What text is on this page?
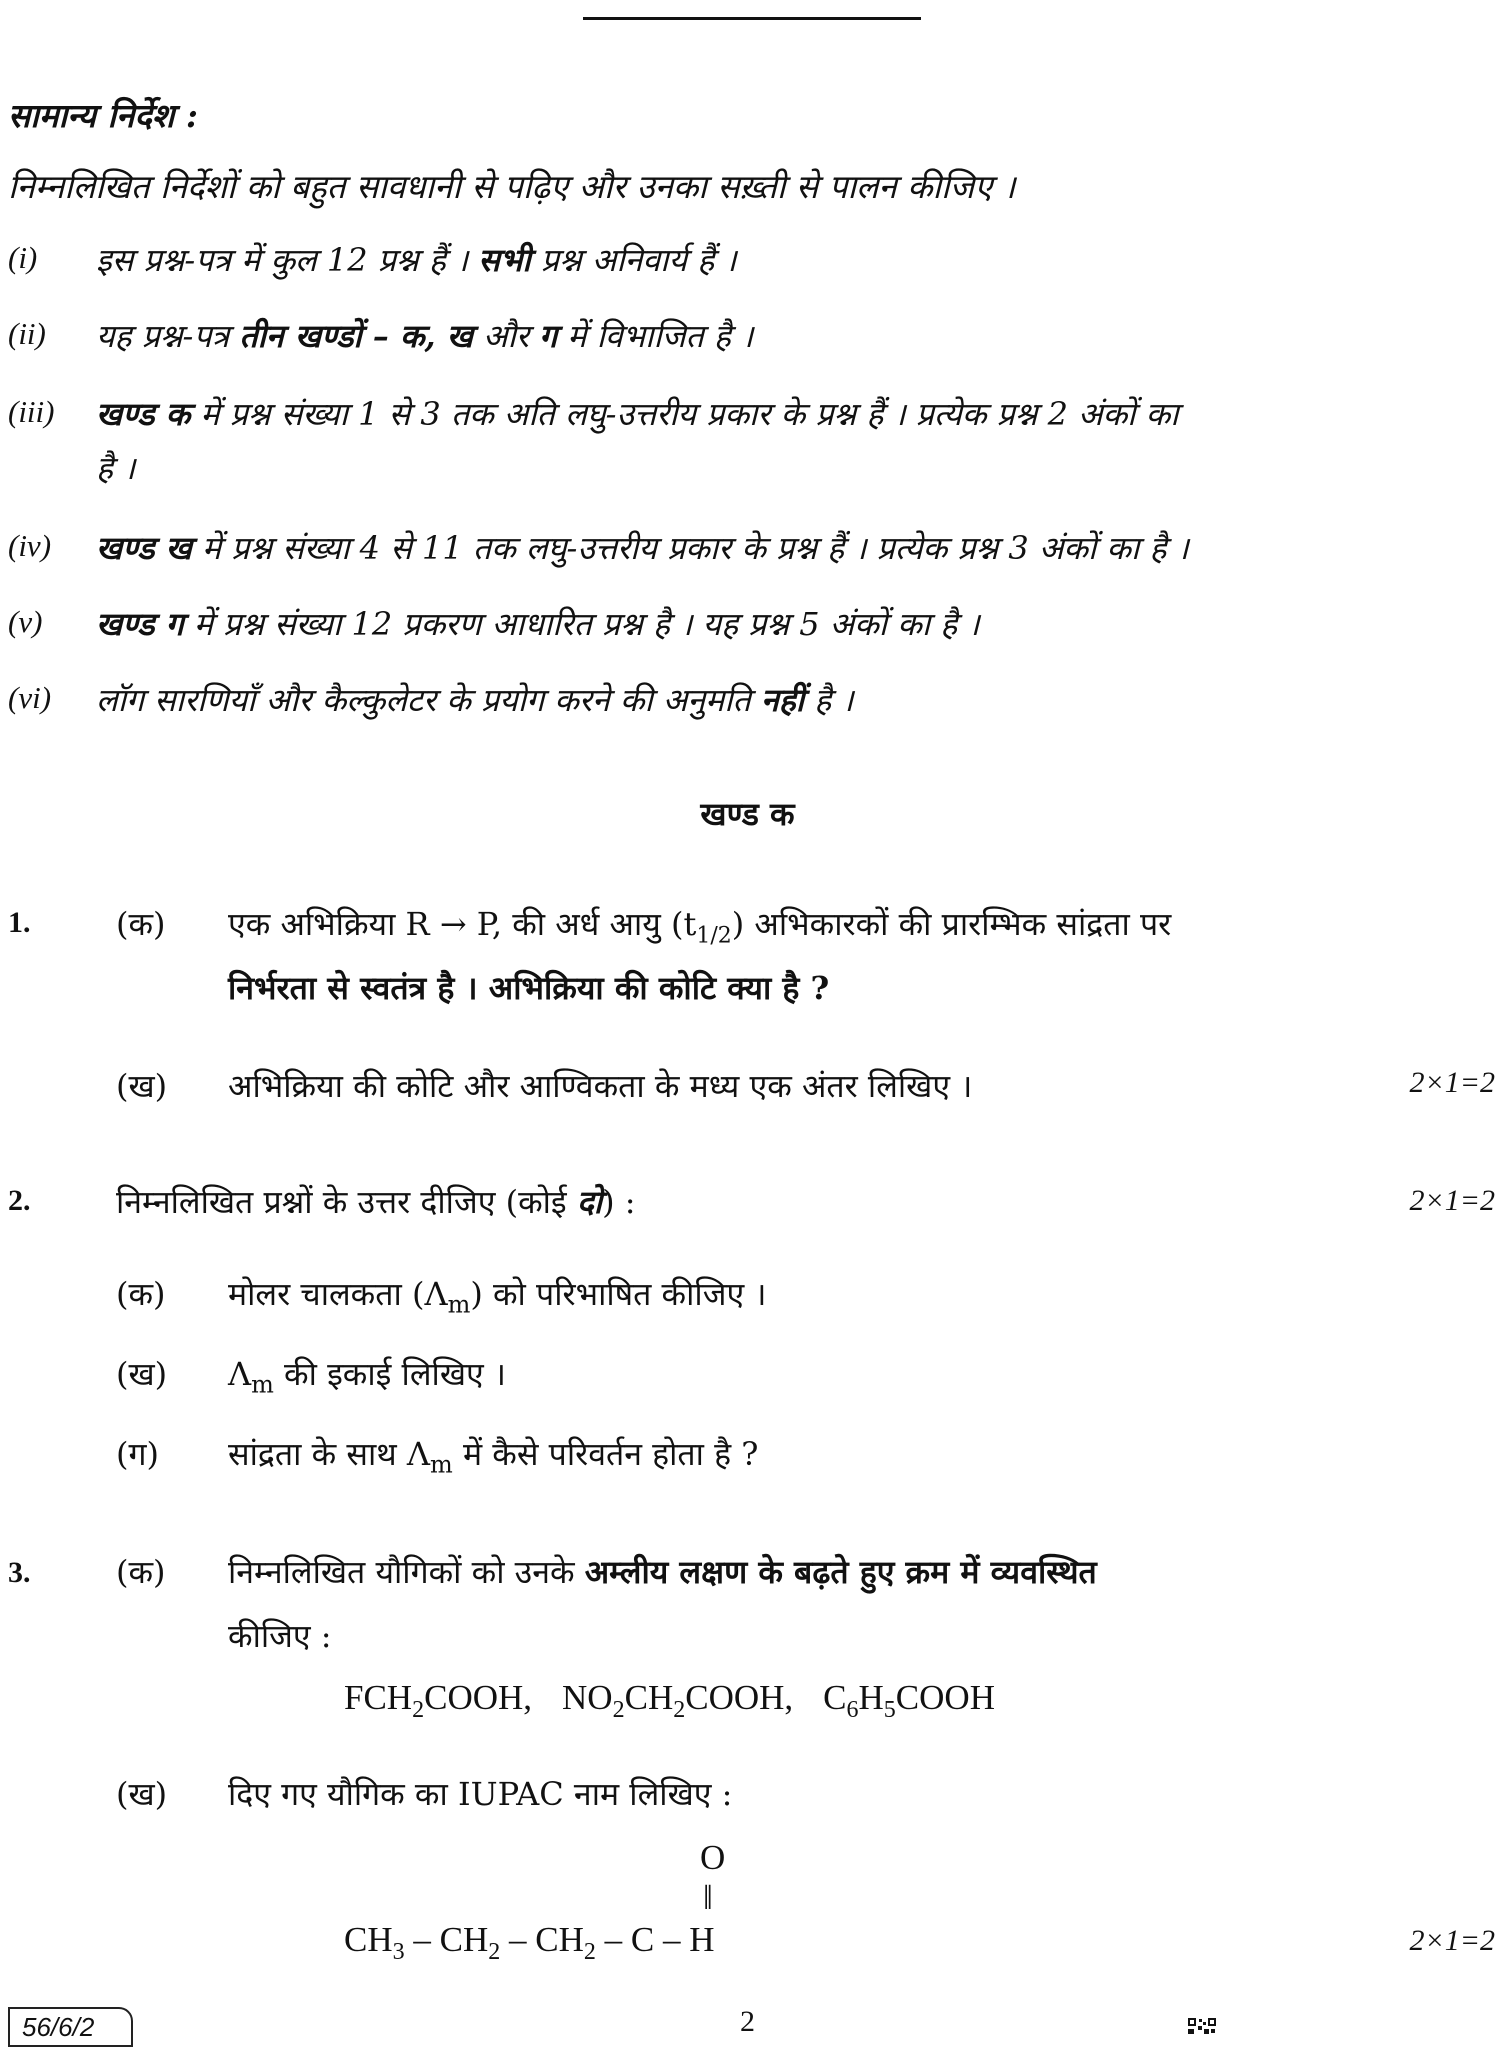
सामान्य निर्देश :
निम्नलिखित निर्देशों को बहुत सावधानी से पढ़िए और उनका सख़्ती से पालन कीजिए ।
(i) इस प्रश्न-पत्र में कुल 12 प्रश्न हैं । सभी प्रश्न अनिवार्य हैं ।
(ii) यह प्रश्न-पत्र तीन खण्डों – क, ख और ग में विभाजित है ।
(iii) खण्ड क में प्रश्न संख्या 1 से 3 तक अति लघु-उत्तरीय प्रकार के प्रश्न हैं । प्रत्येक प्रश्न 2 अंकों का
है ।
(iv) खण्ड ख में प्रश्न संख्या 4 से 11 तक लघु-उत्तरीय प्रकार के प्रश्न हैं । प्रत्येक प्रश्न 3 अंकों का है ।
(v) खण्ड ग में प्रश्न संख्या 12 प्रकरण आधारित प्रश्न है । यह प्रश्न 5 अंकों का है ।
(vi) लॉग सारणियाँ और कैल्कुलेटर के प्रयोग करने की अनुमति नहीं है ।
खण्ड क
1.	(क) एक अभिक्रिया R → P, की अर्ध आयु $(t_{1/2})$ अभिकारकों की प्रारम्भिक सांद्रता पर
निर्भरता से स्वतंत्र है । अभिक्रिया की कोटि क्या है ?
(ख) अभिक्रिया की कोटि और आण्विकता के मध्य एक अंतर लिखिए ।	2×1=2
2.	निम्नलिखित प्रश्नों के उत्तर दीजिए (कोई दो) :	2×1=2
(क) मोलर चालकता $(\Lambda_m)$ को परिभाषित कीजिए ।
(ख) $\Lambda_m$ की इकाई लिखिए ।
(ग) सांद्रता के साथ $\Lambda_m$ में कैसे परिवर्तन होता है ?
3.	(क) निम्नलिखित यौगिकों को उनके अम्लीय लक्षण के बढ़ते हुए क्रम में व्यवस्थित
कीजिए :
$FCH_2COOH$, $NO_2CH_2COOH$, $C_6H_5COOH$
(ख) दिए गए यौगिक का IUPAC नाम लिखिए :
O
‖
$CH_3 - CH_2 - CH_2$ – C – H	2×1=2
56/6/2	2
